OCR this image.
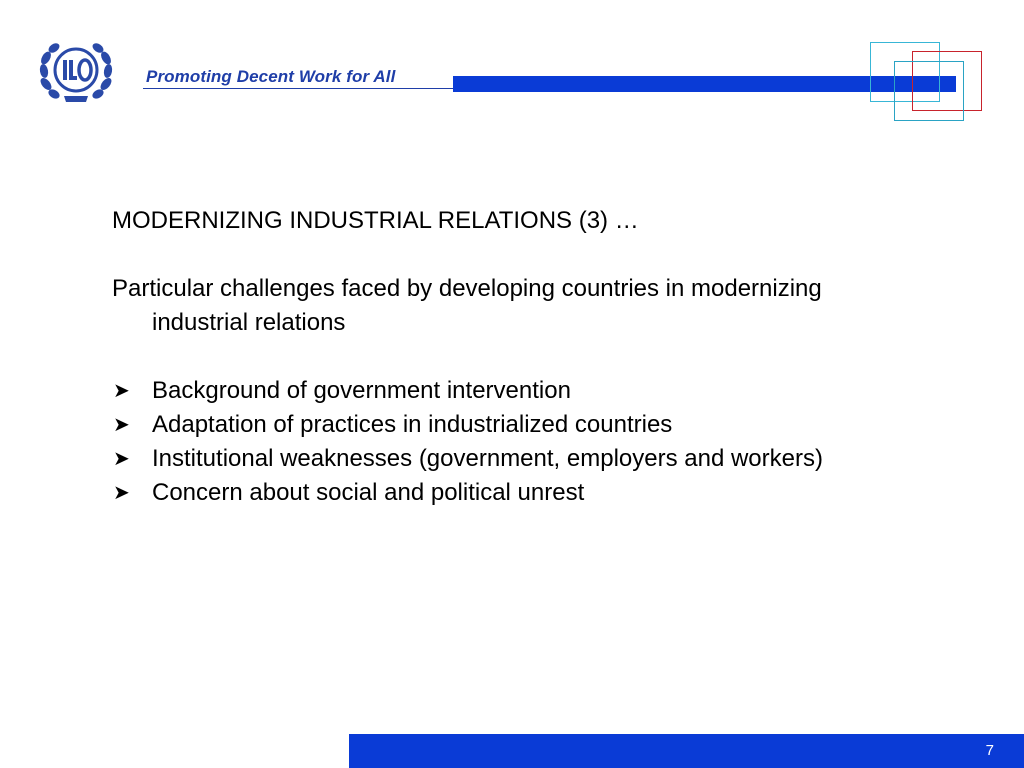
Promoting Decent Work for All
MODERNIZING INDUSTRIAL RELATIONS (3) …

Particular challenges faced by developing countries in modernizing industrial relations

➤ Background of government intervention
➤ Adaptation of practices in industrialized countries
➤ Institutional weaknesses (government, employers and workers)
➤ Concern about social and political unrest
7
